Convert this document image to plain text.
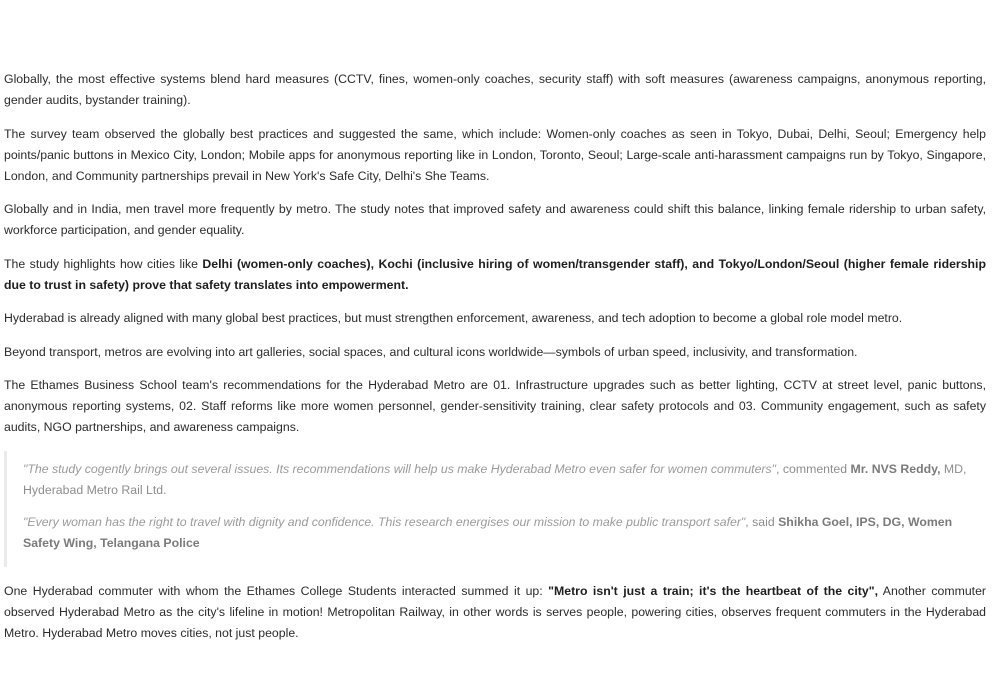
Globally, the most effective systems blend hard measures (CCTV, fines, women-only coaches, security staff) with soft measures (awareness campaigns, anonymous reporting, gender audits, bystander training).

The survey team observed the globally best practices and suggested the same, which include: Women-only coaches as seen in Tokyo, Dubai, Delhi, Seoul; Emergency help points/panic buttons in Mexico City, London; Mobile apps for anonymous reporting like in London, Toronto, Seoul; Large-scale anti-harassment campaigns run by Tokyo, Singapore, London, and Community partnerships prevail in New York's Safe City, Delhi's She Teams.

Globally and in India, men travel more frequently by metro. The study notes that improved safety and awareness could shift this balance, linking female ridership to urban safety, workforce participation, and gender equality.

The study highlights how cities like Delhi (women-only coaches), Kochi (inclusive hiring of women/transgender staff), and Tokyo/London/Seoul (higher female ridership due to trust in safety) prove that safety translates into empowerment.

Hyderabad is already aligned with many global best practices, but must strengthen enforcement, awareness, and tech adoption to become a global role model metro.

Beyond transport, metros are evolving into art galleries, social spaces, and cultural icons worldwide—symbols of urban speed, inclusivity, and transformation.

The Ethames Business School team's recommendations for the Hyderabad Metro are 01. Infrastructure upgrades such as better lighting, CCTV at street level, panic buttons, anonymous reporting systems, 02. Staff reforms like more women personnel, gender-sensitivity training, clear safety protocols and 03. Community engagement, such as safety audits, NGO partnerships, and awareness campaigns.

"The study cogently brings out several issues. Its recommendations will help us make Hyderabad Metro even safer for women commuters", commented Mr. NVS Reddy, MD, Hyderabad Metro Rail Ltd.

"Every woman has the right to travel with dignity and confidence. This research energises our mission to make public transport safer", said Shikha Goel, IPS, DG, Women Safety Wing, Telangana Police

One Hyderabad commuter with whom the Ethames College Students interacted summed it up: "Metro isn't just a train; it's the heartbeat of the city", Another commuter observed Hyderabad Metro as the city's lifeline in motion! Metropolitan Railway, in other words is serves people, powering cities, observes frequent commuters in the Hyderabad Metro. Hyderabad Metro moves cities, not just people.
